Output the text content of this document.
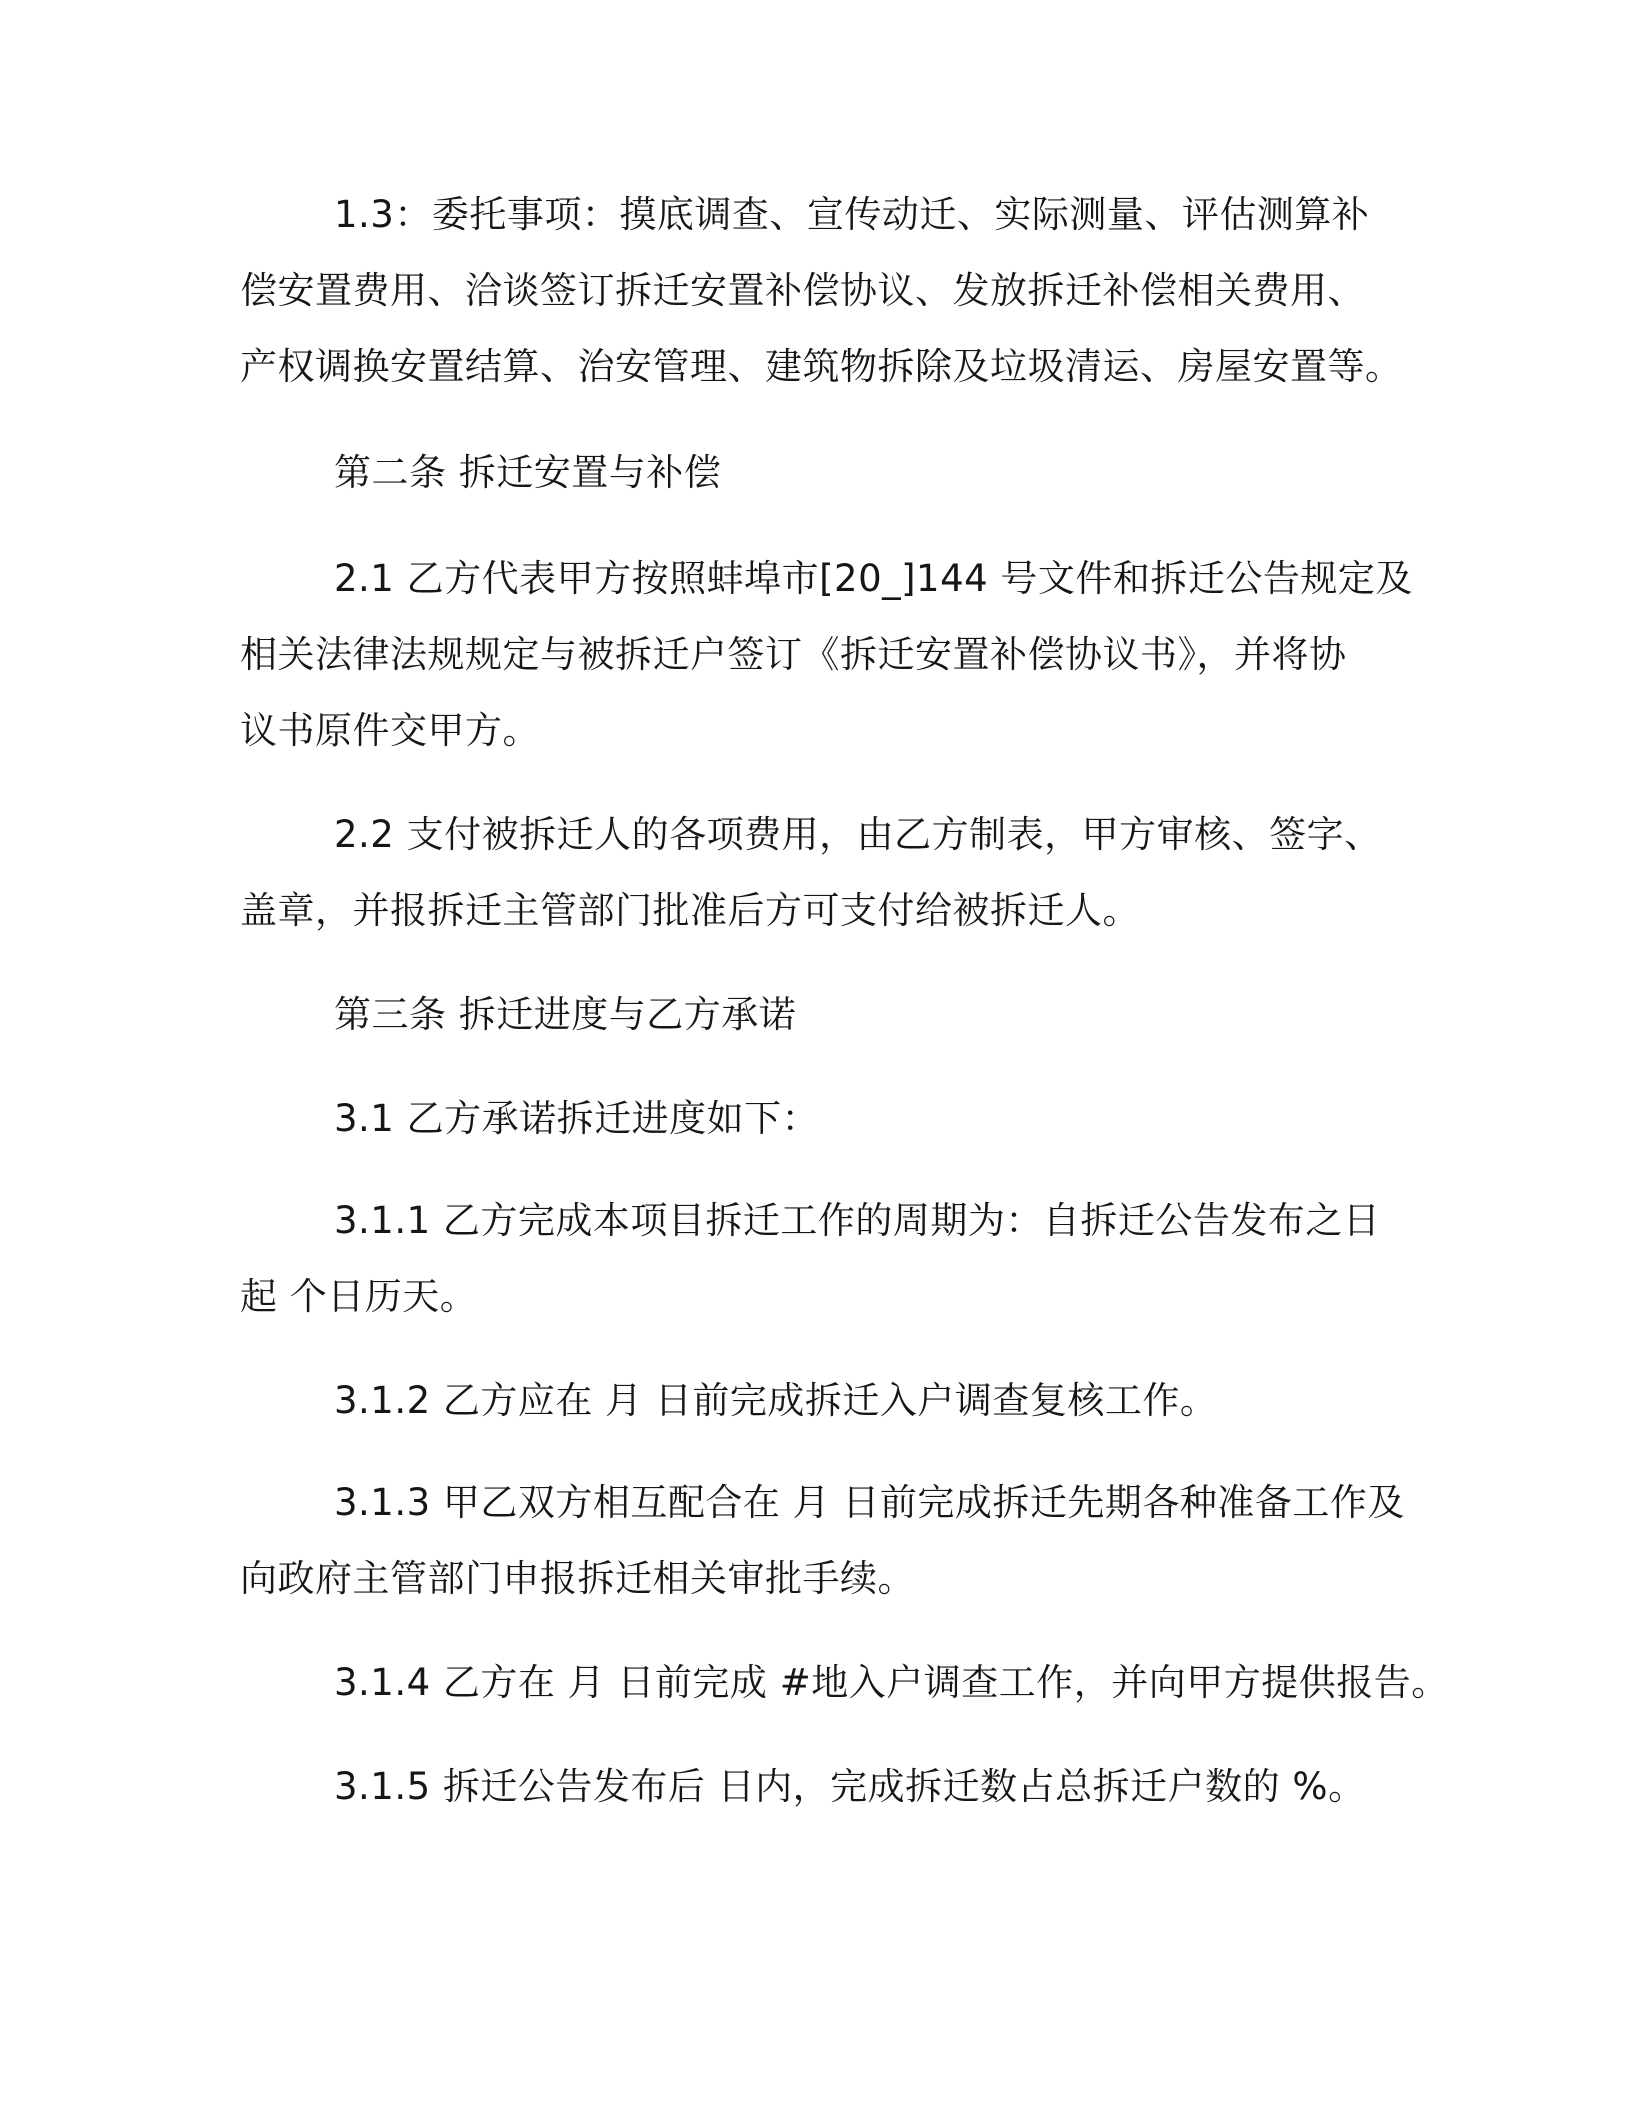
1.3：委托事项：摸底调查、宣传动迁、实际测量、评估测算补
偿安置费用、洽谈签订拆迁安置补偿协议、发放拆迁补偿相关费用、
产权调换安置结算、治安管理、建筑物拆除及垃圾清运、房屋安置等。
第二条 拆迁安置与补偿
2.1 乙方代表甲方按照蚌埠市[20_]144 号文件和拆迁公告规定及
相关法律法规规定与被拆迁户签订《拆迁安置补偿协议书》，并将协
议书原件交甲方。
2.2 支付被拆迁人的各项费用，由乙方制表，甲方审核、签字、
盖章，并报拆迁主管部门批准后方可支付给被拆迁人。
第三条 拆迁进度与乙方承诺
3.1 乙方承诺拆迁进度如下：
3.1.1 乙方完成本项目拆迁工作的周期为：自拆迁公告发布之日
起 个日历天。
3.1.2 乙方应在 月 日前完成拆迁入户调查复核工作。
3.1.3 甲乙双方相互配合在 月 日前完成拆迁先期各种准备工作及
向政府主管部门申报拆迁相关审批手续。
3.1.4 乙方在 月 日前完成 #地入户调查工作，并向甲方提供报告。
3.1.5 拆迁公告发布后 日内，完成拆迁数占总拆迁户数的 %。
